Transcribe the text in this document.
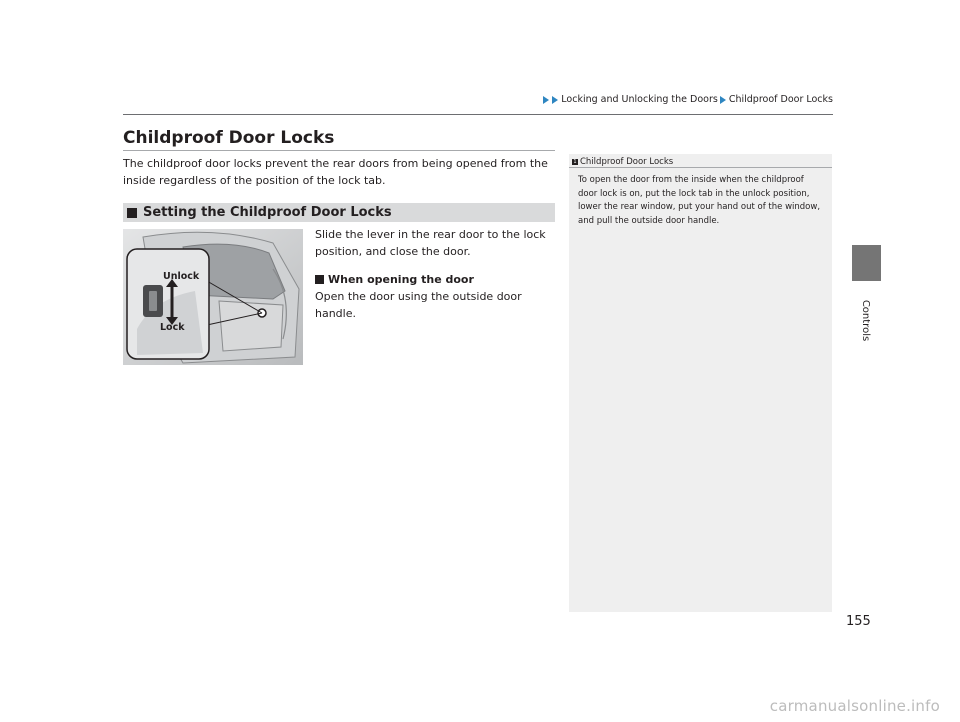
Locking and Unlocking the Doors Childproof Door Locks
Childproof Door Locks

The childproof door locks prevent the rear doors from being opened from the inside regardless of the position of the lock tab.

Setting the Childproof Door Locks
Unlock
Lock

Slide the lever in the rear door to the lock position, and close the door.

When opening the door

Open the door using the outside door handle.

1 Childproof Door Locks

To open the door from the inside when the childproof door lock is on, put the lock tab in the unlock position, lower the rear window, put your hand out of the window, and pull the outside door handle.

Controls

155

carmanualsonline.info
